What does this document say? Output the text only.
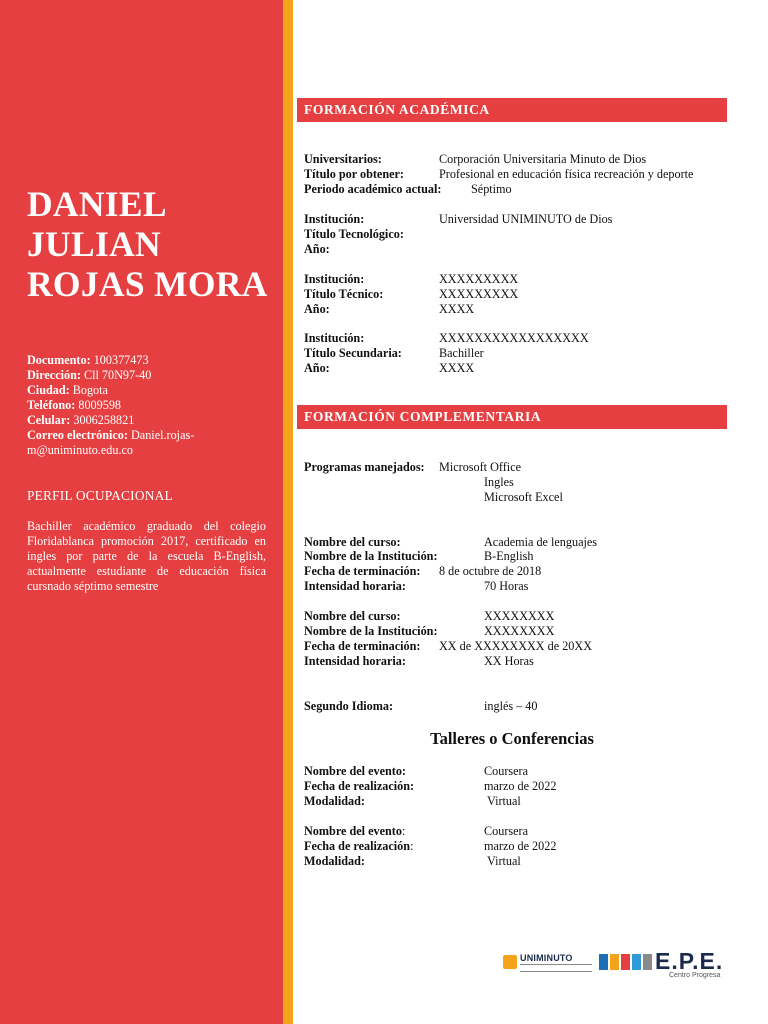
DANIEL
JULIAN
ROJAS MORA
Documento: 100377473
Dirección: Cll 70N97-40
Ciudad: Bogota
Teléfono: 8009598
Celular: 3006258821
Correo electrónico: Daniel.rojas-m@uniminuto.edu.co
PERFIL OCUPACIONAL
Bachiller académico graduado del colegio Floridablanca promoción 2017, certificado en ingles por parte de la escuela B-English, actualmente estudiante de educación física cursnado séptimo semestre
FORMACIÓN ACADÉMICA
Universitarios:	Corporación Universitaria Minuto de Dios
Título por obtener:	Profesional en educación física recreación y deporte
Periodo académico actual: Séptimo
Institución:	Universidad UNIMINUTO de Dios
Título Tecnológico:
Año:
Institución:	XXXXXXXXX
Título Técnico:	XXXXXXXXX
Año:	XXXX
Institución:	XXXXXXXXXXXXXXXXX
Título Secundaria:	Bachiller
Año:	XXXX
FORMACIÓN COMPLEMENTARIA
Programas manejados: Microsoft Office
Ingles
Microsoft Excel
Nombre del curso:	Academia de lenguajes
Nombre de la Institución:	B-English
Fecha de terminación: 8 de octubre de 2018
Intensidad horaria:	70 Horas
Nombre del curso:	XXXXXXXX
Nombre de la Institución:	XXXXXXXX
Fecha de terminación: XX de XXXXXXXX de 20XX
Intensidad horaria:	XX Horas
Segundo Idioma:	inglés – 40
Talleres o Conferencias
Nombre del evento:	Coursera
Fecha de realización:	marzo de 2022
Modalidad:	Virtual
Nombre del evento:	Coursera
Fecha de realización:	marzo de 2022
Modalidad:	Virtual
UNIMINUTO	E.P.E.
Centro Progresa
